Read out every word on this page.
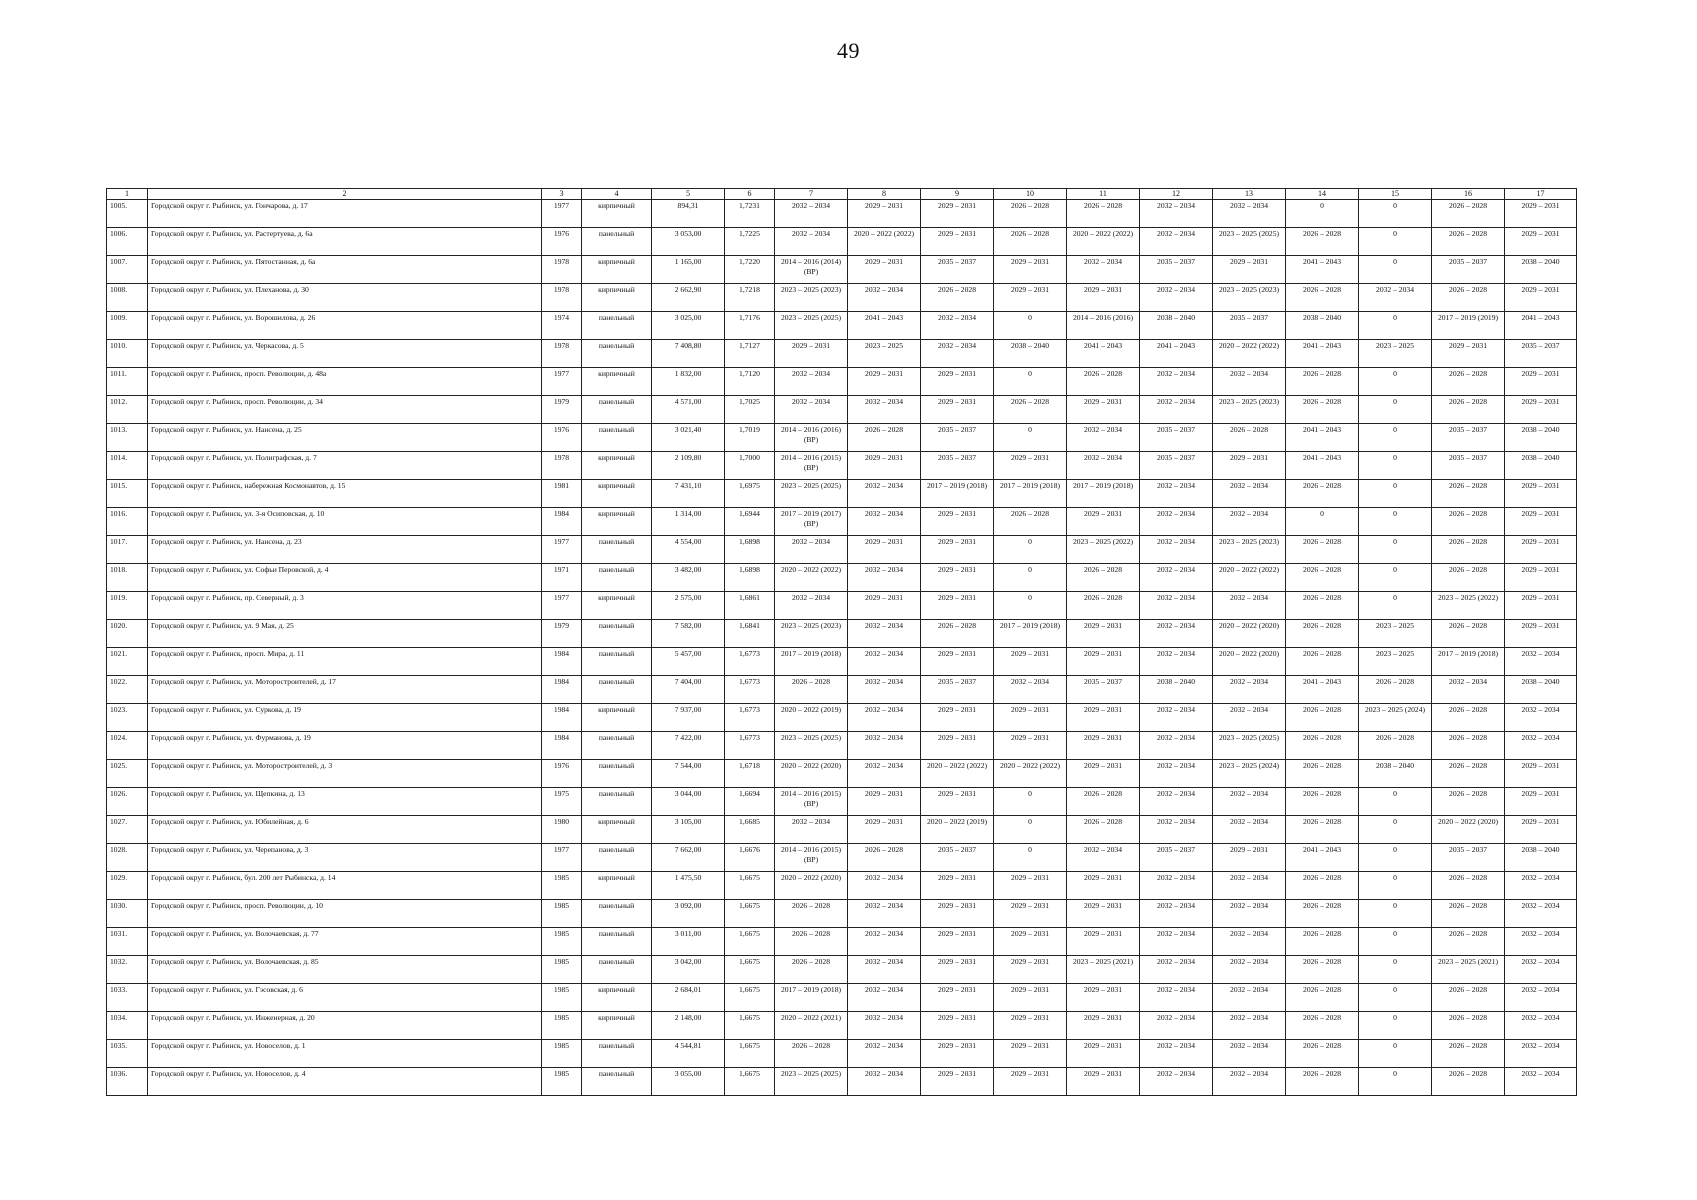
49
1	2	3	4	5	6	7	8	9	10	11	12	13	14	15	16	17
1005.	Городской округ г. Рыбинск, ул. Гончарова, д. 17	1977	кирпичный	894,31	1,7231	2032 – 2034	2029 – 2031	2029 – 2031	2026 – 2028	2026 – 2028	2032 – 2034	2032 – 2034	0	0	2026 – 2028	2029 – 2031
1006.	Городской округ г. Рыбинск, ул. Растертуева, д. 6а	1976	панельный	3 053,00	1,7225	2032 – 2034	2020 – 2022 (2022)	2029 – 2031	2026 – 2028	2020 – 2022 (2022)	2032 – 2034	2023 – 2025 (2025)	2026 – 2028	0	2026 – 2028	2029 – 2031
1007.	Городской округ г. Рыбинск, ул. Пятостанная, д. 6а	1978	кирпичный	1 165,00	1,7220	2014 – 2016 (2014) (ВР)	2029 – 2031	2035 – 2037	2029 – 2031	2032 – 2034	2035 – 2037	2029 – 2031	2041 – 2043	0	2035 – 2037	2038 – 2040
1008.	Городской округ г. Рыбинск, ул. Плеханова, д. 30	1978	кирпичный	2 662,90	1,7218	2023 – 2025 (2023)	2032 – 2034	2026 – 2028	2029 – 2031	2029 – 2031	2032 – 2034	2023 – 2025 (2023)	2026 – 2028	2032 – 2034	2026 – 2028	2029 – 2031
1009.	Городской округ г. Рыбинск, ул. Ворошилова, д. 26	1974	панельный	3 025,00	1,7176	2023 – 2025 (2025)	2041 – 2043	2032 – 2034	0	2014 – 2016 (2016)	2038 – 2040	2035 – 2037	2038 – 2040	0	2017 – 2019 (2019)	2041 – 2043
1010.	Городской округ г. Рыбинск, ул. Черкасова, д. 5	1978	панельный	7 408,80	1,7127	2029 – 2031	2023 – 2025	2032 – 2034	2038 – 2040	2041 – 2043	2041 – 2043	2020 – 2022 (2022)	2041 – 2043	2023 – 2025	2029 – 2031	2035 – 2037
1011.	Городской округ г. Рыбинск, просп. Революции, д. 48а	1977	кирпичный	1 832,00	1,7120	2032 – 2034	2029 – 2031	2029 – 2031	0	2026 – 2028	2032 – 2034	2032 – 2034	2026 – 2028	0	2026 – 2028	2029 – 2031
1012.	Городской округ г. Рыбинск, просп. Революции, д. 34	1979	панельный	4 571,00	1,7025	2032 – 2034	2032 – 2034	2029 – 2031	2026 – 2028	2029 – 2031	2032 – 2034	2023 – 2025 (2023)	2026 – 2028	0	2026 – 2028	2029 – 2031
1013.	Городской округ г. Рыбинск, ул. Нансена, д. 25	1976	панельный	3 021,40	1,7019	2014 – 2016 (2016) (ВР)	2026 – 2028	2035 – 2037	0	2032 – 2034	2035 – 2037	2026 – 2028	2041 – 2043	0	2035 – 2037	2038 – 2040
1014.	Городской округ г. Рыбинск, ул. Полиграфская, д. 7	1978	кирпичный	2 109,80	1,7000	2014 – 2016 (2015) (ВР)	2029 – 2031	2035 – 2037	2029 – 2031	2032 – 2034	2035 – 2037	2029 – 2031	2041 – 2043	0	2035 – 2037	2038 – 2040
1015.	Городской округ г. Рыбинск, набережная Космонавтов, д. 15	1981	кирпичный	7 431,10	1,6975	2023 – 2025 (2025)	2032 – 2034	2017 – 2019 (2018)	2017 – 2019 (2018)	2017 – 2019 (2018)	2032 – 2034	2032 – 2034	2026 – 2028	0	2026 – 2028	2029 – 2031
1016.	Городской округ г. Рыбинск, ул. 3-я Осиповская, д. 10	1984	кирпичный	1 314,00	1,6944	2017 – 2019 (2017) (ВР)	2032 – 2034	2029 – 2031	2026 – 2028	2029 – 2031	2032 – 2034	2032 – 2034	0	0	2026 – 2028	2029 – 2031
1017.	Городской округ г. Рыбинск, ул. Нансена, д. 23	1977	панельный	4 554,00	1,6898	2032 – 2034	2029 – 2031	2029 – 2031	0	2023 – 2025 (2022)	2032 – 2034	2023 – 2025 (2023)	2026 – 2028	0	2026 – 2028	2029 – 2031
1018.	Городской округ г. Рыбинск, ул. Софьи Перовской, д. 4	1971	панельный	3 482,00	1,6898	2020 – 2022 (2022)	2032 – 2034	2029 – 2031	0	2026 – 2028	2032 – 2034	2020 – 2022 (2022)	2026 – 2028	0	2026 – 2028	2029 – 2031
1019.	Городской округ г. Рыбинск, пр. Северный, д. 3	1977	кирпичный	2 575,00	1,6861	2032 – 2034	2029 – 2031	2029 – 2031	0	2026 – 2028	2032 – 2034	2032 – 2034	2026 – 2028	0	2023 – 2025 (2022)	2029 – 2031
1020.	Городской округ г. Рыбинск, ул. 9 Мая, д. 25	1979	панельный	7 582,00	1,6841	2023 – 2025 (2023)	2032 – 2034	2026 – 2028	2017 – 2019 (2018)	2029 – 2031	2032 – 2034	2020 – 2022 (2020)	2026 – 2028	2023 – 2025	2026 – 2028	2029 – 2031
1021.	Городской округ г. Рыбинск, просп. Мира, д. 11	1984	панельный	5 457,00	1,6773	2017 – 2019 (2018)	2032 – 2034	2029 – 2031	2029 – 2031	2029 – 2031	2032 – 2034	2020 – 2022 (2020)	2026 – 2028	2023 – 2025	2017 – 2019 (2018)	2032 – 2034
1022.	Городской округ г. Рыбинск, ул. Моторостроителей, д. 17	1984	панельный	7 404,00	1,6773	2026 – 2028	2032 – 2034	2035 – 2037	2032 – 2034	2035 – 2037	2038 – 2040	2032 – 2034	2041 – 2043	2026 – 2028	2032 – 2034	2038 – 2040
1023.	Городской округ г. Рыбинск, ул. Суркова, д. 19	1984	кирпичный	7 937,00	1,6773	2020 – 2022 (2019)	2032 – 2034	2029 – 2031	2029 – 2031	2029 – 2031	2032 – 2034	2032 – 2034	2026 – 2028	2023 – 2025 (2024)	2026 – 2028	2032 – 2034
1024.	Городской округ г. Рыбинск, ул. Фурманова, д. 19	1984	панельный	7 422,00	1,6773	2023 – 2025 (2025)	2032 – 2034	2029 – 2031	2029 – 2031	2029 – 2031	2032 – 2034	2023 – 2025 (2025)	2026 – 2028	2026 – 2028	2026 – 2028	2032 – 2034
1025.	Городской округ г. Рыбинск, ул. Моторостроителей, д. 3	1976	панельный	7 544,00	1,6718	2020 – 2022 (2020)	2032 – 2034	2020 – 2022 (2022)	2020 – 2022 (2022)	2029 – 2031	2032 – 2034	2023 – 2025 (2024)	2026 – 2028	2038 – 2040	2026 – 2028	2029 – 2031
1026.	Городской округ г. Рыбинск, ул. Щепкина, д. 13	1975	панельный	3 044,00	1,6694	2014 – 2016 (2015) (ВР)	2029 – 2031	2029 – 2031	0	2026 – 2028	2032 – 2034	2032 – 2034	2026 – 2028	0	2026 – 2028	2029 – 2031
1027.	Городской округ г. Рыбинск, ул. Юбилейная, д. 6	1980	кирпичный	3 105,00	1,6685	2032 – 2034	2029 – 2031	2020 – 2022 (2019)	0	2026 – 2028	2032 – 2034	2032 – 2034	2026 – 2028	0	2020 – 2022 (2020)	2029 – 2031
1028.	Городской округ г. Рыбинск, ул. Черепанова, д. 3	1977	панельный	7 662,00	1,6676	2014 – 2016 (2015) (ВР)	2026 – 2028	2035 – 2037	0	2032 – 2034	2035 – 2037	2029 – 2031	2041 – 2043	0	2035 – 2037	2038 – 2040
1029.	Городской округ г. Рыбинск, бул. 200 лет Рыбинска, д. 14	1985	кирпичный	1 475,50	1,6675	2020 – 2022 (2020)	2032 – 2034	2029 – 2031	2029 – 2031	2029 – 2031	2032 – 2034	2032 – 2034	2026 – 2028	0	2026 – 2028	2032 – 2034
1030.	Городской округ г. Рыбинск, просп. Революции, д. 10	1985	панельный	3 092,00	1,6675	2026 – 2028	2032 – 2034	2029 – 2031	2029 – 2031	2029 – 2031	2032 – 2034	2032 – 2034	2026 – 2028	0	2026 – 2028	2032 – 2034
1031.	Городской округ г. Рыбинск, ул. Волочаевская, д. 77	1985	панельный	3 011,00	1,6675	2026 – 2028	2032 – 2034	2029 – 2031	2029 – 2031	2029 – 2031	2032 – 2034	2032 – 2034	2026 – 2028	0	2026 – 2028	2032 – 2034
1032.	Городской округ г. Рыбинск, ул. Волочаевская, д. 85	1985	панельный	3 042,00	1,6675	2026 – 2028	2032 – 2034	2029 – 2031	2029 – 2031	2023 – 2025 (2021)	2032 – 2034	2032 – 2034	2026 – 2028	0	2023 – 2025 (2021)	2032 – 2034
1033.	Городской округ г. Рыбинск, ул. Гэсовская, д. 6	1985	кирпичный	2 684,01	1,6675	2017 – 2019 (2018)	2032 – 2034	2029 – 2031	2029 – 2031	2029 – 2031	2032 – 2034	2032 – 2034	2026 – 2028	0	2026 – 2028	2032 – 2034
1034.	Городской округ г. Рыбинск, ул. Инженерная, д. 20	1985	кирпичный	2 148,00	1,6675	2020 – 2022 (2021)	2032 – 2034	2029 – 2031	2029 – 2031	2029 – 2031	2032 – 2034	2032 – 2034	2026 – 2028	0	2026 – 2028	2032 – 2034
1035.	Городской округ г. Рыбинск, ул. Новоселов, д. 1	1985	панельный	4 544,81	1,6675	2026 – 2028	2032 – 2034	2029 – 2031	2029 – 2031	2029 – 2031	2032 – 2034	2032 – 2034	2026 – 2028	0	2026 – 2028	2032 – 2034
1036.	Городской округ г. Рыбинск, ул. Новоселов, д. 4	1985	панельный	3 055,00	1,6675	2023 – 2025 (2025)	2032 – 2034	2029 – 2031	2029 – 2031	2029 – 2031	2032 – 2034	2032 – 2034	2026 – 2028	0	2026 – 2028	2032 – 2034
